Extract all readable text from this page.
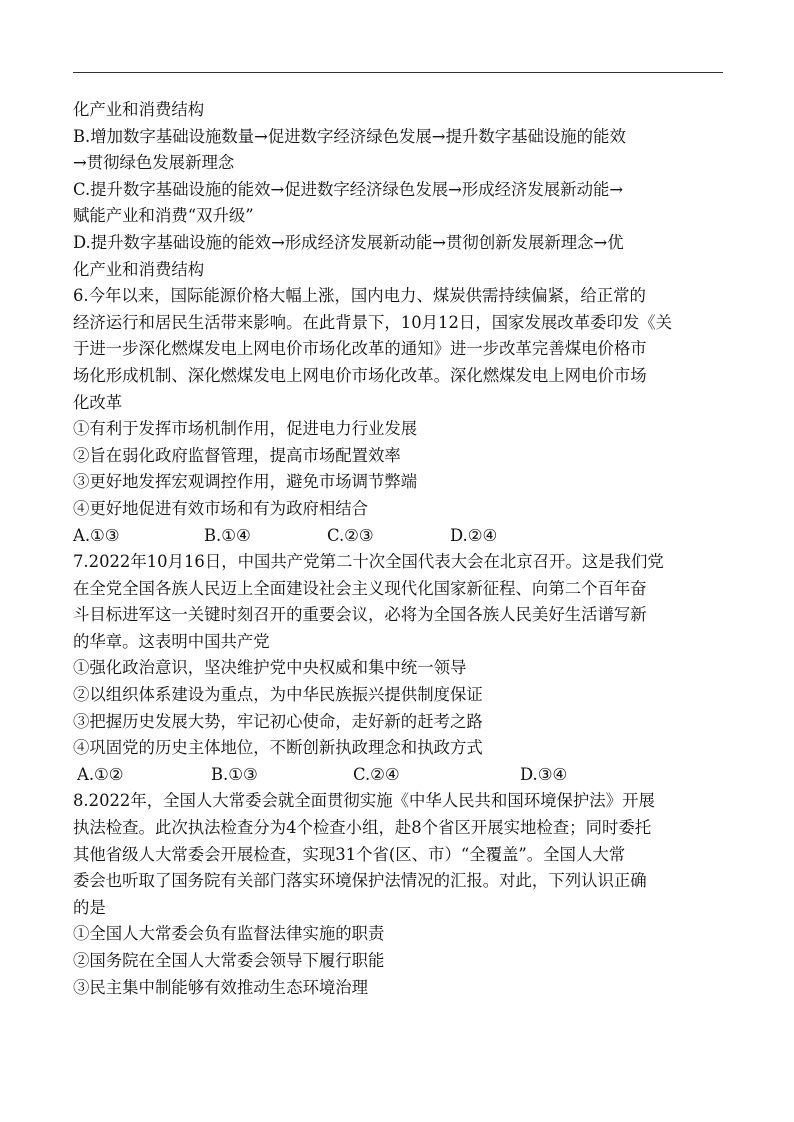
化产业和消费结构
B.增加数字基础设施数量→促进数字经济绿色发展→提升数字基础设施的能效
→贯彻绿色发展新理念
C.提升数字基础设施的能效→促进数字经济绿色发展→形成经济发展新动能→
赋能产业和消费“双升级”
D.提升数字基础设施的能效→形成经济发展新动能→贯彻创新发展新理念→优
化产业和消费结构
6.今年以来，国际能源价格大幅上涨，国内电力、煤炭供需持续偏紧，给正常的
经济运行和居民生活带来影响。在此背景下，10月12日，国家发展改革委印发《关
于进一步深化燃煤发电上网电价市场化改革的通知》进一步改革完善煤电价格市
场化形成机制、深化燃煤发电上网电价市场化改革。深化燃煤发电上网电价市场
化改革
①有利于发挥市场机制作用，促进电力行业发展
②旨在弱化政府监督管理，提高市场配置效率
③更好地发挥宏观调控作用，避免市场调节弊端
④更好地促进有效市场和有为政府相结合
A.①③	B.①④	C.②③	D.②④
7.2022年10月16日，中国共产党第二十次全国代表大会在北京召开。这是我们党
在全党全国各族人民迈上全面建设社会主义现代化国家新征程、向第二个百年奋
斗目标进军这一关键时刻召开的重要会议，必将为全国各族人民美好生活谱写新
的华章。这表明中国共产党
①强化政治意识，坚决维护党中央权威和集中统一领导
②以组织体系建设为重点，为中华民族振兴提供制度保证
③把握历史发展大势，牢记初心使命，走好新的赶考之路
④巩固党的历史主体地位，不断创新执政理念和执政方式
A.①②	B.①③	C.②④	D.③④
8.2022年，全国人大常委会就全面贯彻实施《中华人民共和国环境保护法》开展
执法检查。此次执法检查分为4个检查小组，赴8个省区开展实地检查；同时委托
其他省级人大常委会开展检查，实现31个省(区、市）“全覆盖”。全国人大常
委会也听取了国务院有关部门落实环境保护法情况的汇报。对此，下列认识正确
的是
①全国人大常委会负有监督法律实施的职责
②国务院在全国人大常委会领导下履行职能
③民主集中制能够有效推动生态环境治理
